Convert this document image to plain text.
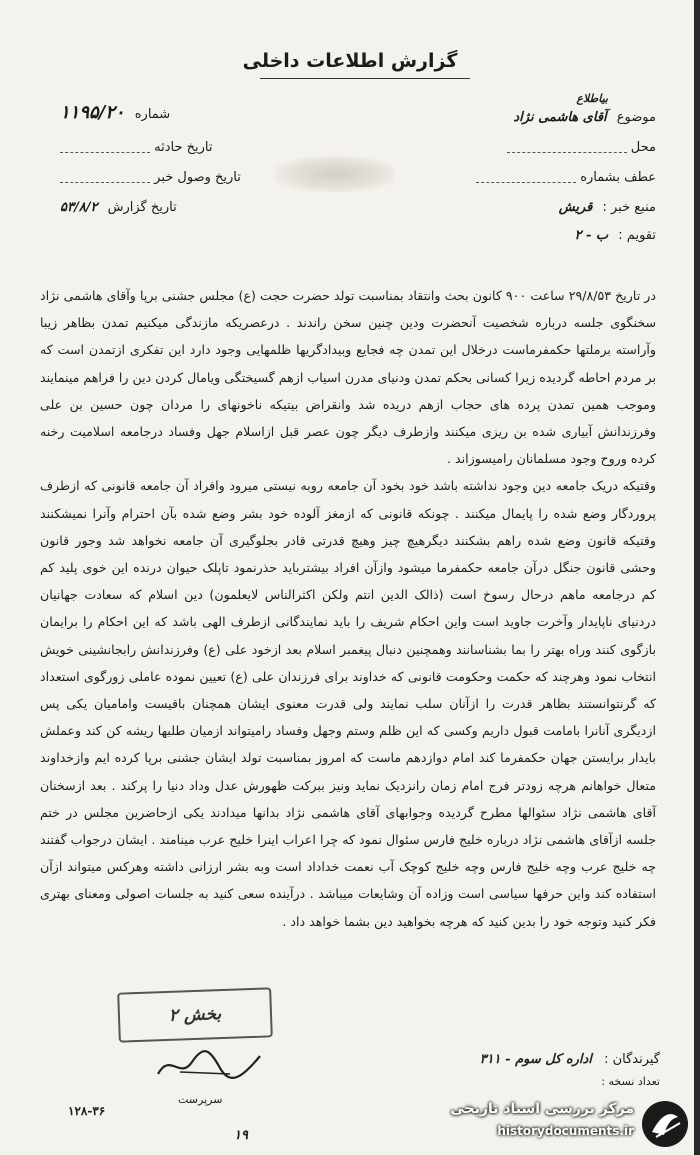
گزارش اطلاعات داخلی
بیاطلاع
موضوع آقای هاشمی نژاد
محل
عطف بشماره
منبع خبر : قریش
تقویم : ب - ۲
شماره ۱۱۹۵/۲۰
تاریخ حادثه
تاریخ وصول خبر
تاریخ گزارش ۵۳/۸/۲

در تاریخ ۲۹/۸/۵۳ ساعت ۹۰۰ کانون بحث وانتقاد بمناسبت تولد حضرت حجت (ع) مجلس جشنی برپا وآقای هاشمی نژاد سخنگوی جلسه درباره شخصیت آنحضرت ودین چنین سخن راندند . درعصریکه مازندگی میکنیم تمدن بظاهر زیبا وآراسته برملتها حکمفرماست درخلال این تمدن چه فجایع وبیدادگریها ظلمهایی وجود دارد این تفکری ازتمدن است که بر مردم احاطه گردیده زیرا کسانی بحکم تمدن ودنیای مدرن اسیاب ازهم گسیختگی ویامال کردن دین را فراهم مینمایند وموجب همین تمدن پرده های حجاب ازهم دریده شد وانقراض بیتیکه ناخونهای را مردان چون حسین بن علی وفرزندانش آبیاری شده بن ریزی میکنند وازطرف دیگر چون عصر قبل ازاسلام جهل وفساد درجامعه اسلامیت رخنه کرده وروح وجود مسلمانان رامیسوزاند .

وقتیکه دریک جامعه دین وجود نداشته باشد خود بخود آن جامعه روبه نیستی میرود وافراد آن جامعه قانونی که ازطرف پروردگار وضع شده را پایمال میکنند . چونکه قانونی که ازمغز آلوده خود بشر وضع شده بآن احترام وآنرا نمیشکنند وقتیکه قانون وضع شده راهم بشکنند دیگرهیچ چیز وهیچ قدرتی قادر بجلوگیری آن جامعه نخواهد شد وجور قانون وحشی قانون جنگل درآن جامعه حکمفرما میشود وازآن افراد بیشترباید حذرنمود تاپلک حیوان درنده این خوی پلید کم کم درجامعه ماهم درحال رسوخ است (ذالک الدین انتم ولکن اکثرالناس لایعلمون) دین اسلام که سعادت جهانیان دردنیای ناپایدار وآخرت جاوید است واین احکام شریف را باید نمایندگانی ازطرف الهی باشد که این احکام را برایمان بازگوی کنند وراه بهتر را بما بشناسانند وهمچنین دنبال پیغمبر اسلام بعد ازخود علی (ع) وفرزندانش رابجانشینی خویش انتخاب نمود وهرچند که حکمت وحکومت قانونی که خداوند برای فرزندان علی (ع) تعیین نموده عاملی زورگوی استعداد که گرنتوانستند بظاهر قدرت را ازآنان سلب نمایند ولی قدرت معنوی ایشان همچنان باقیست وامامیان یکی پس ازدیگری آنانرا بامامت قبول داریم وکسی که این ظلم وستم وجهل وفساد رامیتواند ازمیان طلبها ریشه کن کند وعملش بایدار برایستن جهان حکمفرما کند امام دوازدهم ماست که امروز بمناسبت تولد ایشان جشنی برپا کرده ایم وازخداوند متعال خواهانم هرچه زودتر فرج امام زمان رانزدیک نماید ونیز ببرکت ظهورش عدل وداد دنیا را پرکند . بعد ازسخنان آقای هاشمی نژاد سئوالها مطرح گردیده وجوابهای آقای هاشمی نژاد بدانها میدادند یکی ازحاضرین مجلس در ختم جلسه ازآقای هاشمی نژاد درباره خلیج فارس سئوال نمود که چرا اعراب اینرا خلیج عرب مینامند . ایشان درجواب گفتند چه خلیج عرب وچه خلیج فارس وچه خلیج کوچک آب نعمت خداداد است وبه بشر ارزانی داشته وهرکس میتواند ازآن استفاده کند واین حرفها سیاسی است وزاده آن وشایعات میباشد . درآینده سعی کنید به جلسات اصولی ومعنای بهتری فکر کنید وتوجه خود را بدین کنید که هرچه بخواهید دین بشما خواهد داد .

بخش ۲
سرپرست
گیرندگان : اداره کل سوم - ۳۱۱
تعداد نسخه :
۱۲۸-۳۶
۱۹
مرکز بررسی اسناد تاریخی
historydocuments.ir
